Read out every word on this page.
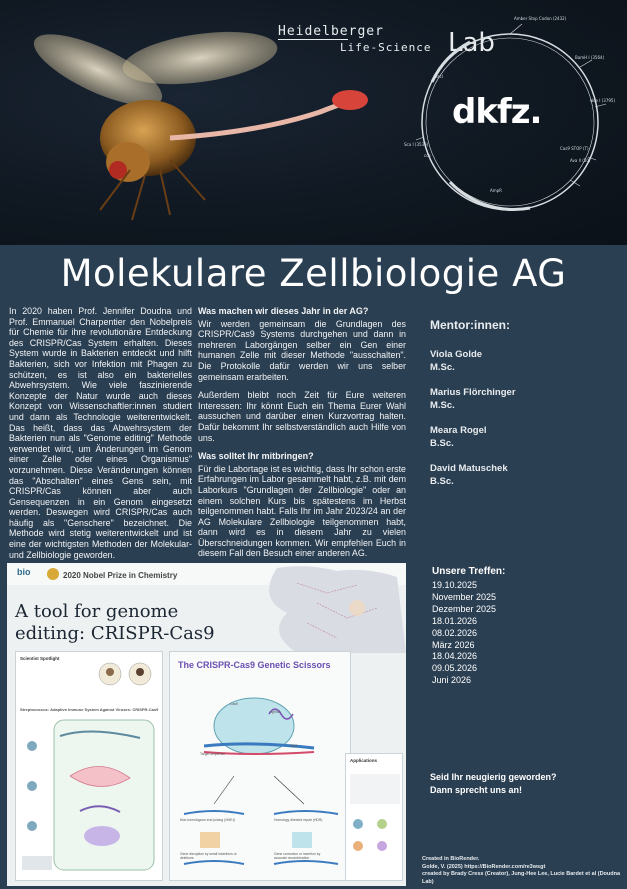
Heidelberger
Life-Science Lab
Amber Stop Codon (2432)
BamH I (3564)
Nde I (3795)
Cas9 STOP (T)
Ava II (50)
AmpR
Sca I (3535)
lacI
cos
dkfz.
Molekulare Zellbiologie AG
In 2020 haben Prof. Jennifer Doudna und Prof. Emmanuel Charpentier den Nobelpreis für Chemie für ihre revolutionäre Entdeckung des CRISPR/Cas System erhalten. Dieses System wurde in Bakterien entdeckt und hilft Bakterien, sich vor Infektion mit Phagen zu schützen, es ist also ein bakterielles Abwehrsystem. Wie viele faszinierende Konzepte der Natur wurde auch dieses Konzept von Wissenschaftler:innen studiert und dann als Technologie weiterentwickelt. Das heißt, dass das Abwehrsystem der Bakterien nun als "Genome editing" Methode verwendet wird, um Änderungen im Genom einer Zelle oder eines Organismus" vorzunehmen. Diese Veränderungen können das "Abschalten" eines Gens sein, mit CRISPR/Cas können aber auch Gensequenzen in ein Genom eingesetzt werden. Deswegen wird CRISPR/Cas auch häufig als "Genschere" bezeichnet. Die Methode wird stetig weiterentwickelt und ist eine der wichtigsten Methoden der Molekular- und Zellbiologie geworden.
Was machen wir dieses Jahr in der AG?

Wir werden gemeinsam die Grundlagen des CRISPR/Cas9 Systems durchgehen und dann in mehreren Laborgängen selber ein Gen einer humanen Zelle mit dieser Methode "ausschalten". Die Protokolle dafür werden wir uns selber gemeinsam erarbeiten.

Außerdem bleibt noch Zeit für Eure weiteren Interessen: Ihr könnt Euch ein Thema Eurer Wahl aussuchen und darüber einen Kurzvortrag halten. Dafür bekommt Ihr selbstverständlich auch Hilfe von uns.

Was solltet Ihr mitbringen?

Für die Labortage ist es wichtig, dass Ihr schon erste Erfahrungen im Labor gesammelt habt, z.B. mit dem Laborkurs "Grundlagen der Zellbiologie" oder an einem solchen Kurs bis spätestens im Herbst teilgenommen habt. Falls Ihr im Jahr 2023/24 an der AG Molekulare Zellbiologie teilgenommen habt, dann wird es in diesem Jahr zu vielen Überschneidungen kommen. Wir empfehlen Euch in diesem Fall den Besuch einer anderen AG.

Mentor:innen:
Viola Golde
M.Sc.
Marius Flörchinger
M.Sc.
Meara Rogel
B.Sc.
David Matuschek
B.Sc.
Unsere Treffen:
19.10.2025
November 2025
Dezember 2025
18.01.2026
08.02.2026
März 2026
18.04.2026
09.05.2026
Juni 2026
Seid Ihr neugierig geworden?
Dann sprecht uns an!
Created in BioRender.
Golde, V. (2025) https://BioRender.com/re3wsgt
created by Brady Cress (Creator), Jung-Hee Lee, Lucie Bardet et al (Doudna Lab)
bio	2020 Nobel Prize in Chemistry
A tool for genome editing: CRISPR-Cas9
Scientist Spotlight
Streptococcus: Adaptive Immune System Against Viruses: CRISPR-Cas9
The CRISPR-Cas9 Genetic Scissors
Target sequence
PAM
sgRNA
Cas9
Non-homologous end joining (NHEJ)	Homology directed repair (HDR)
Gene disruption by small insertions or deletions
Gene correction or insertion by accurate recombination
Applications
